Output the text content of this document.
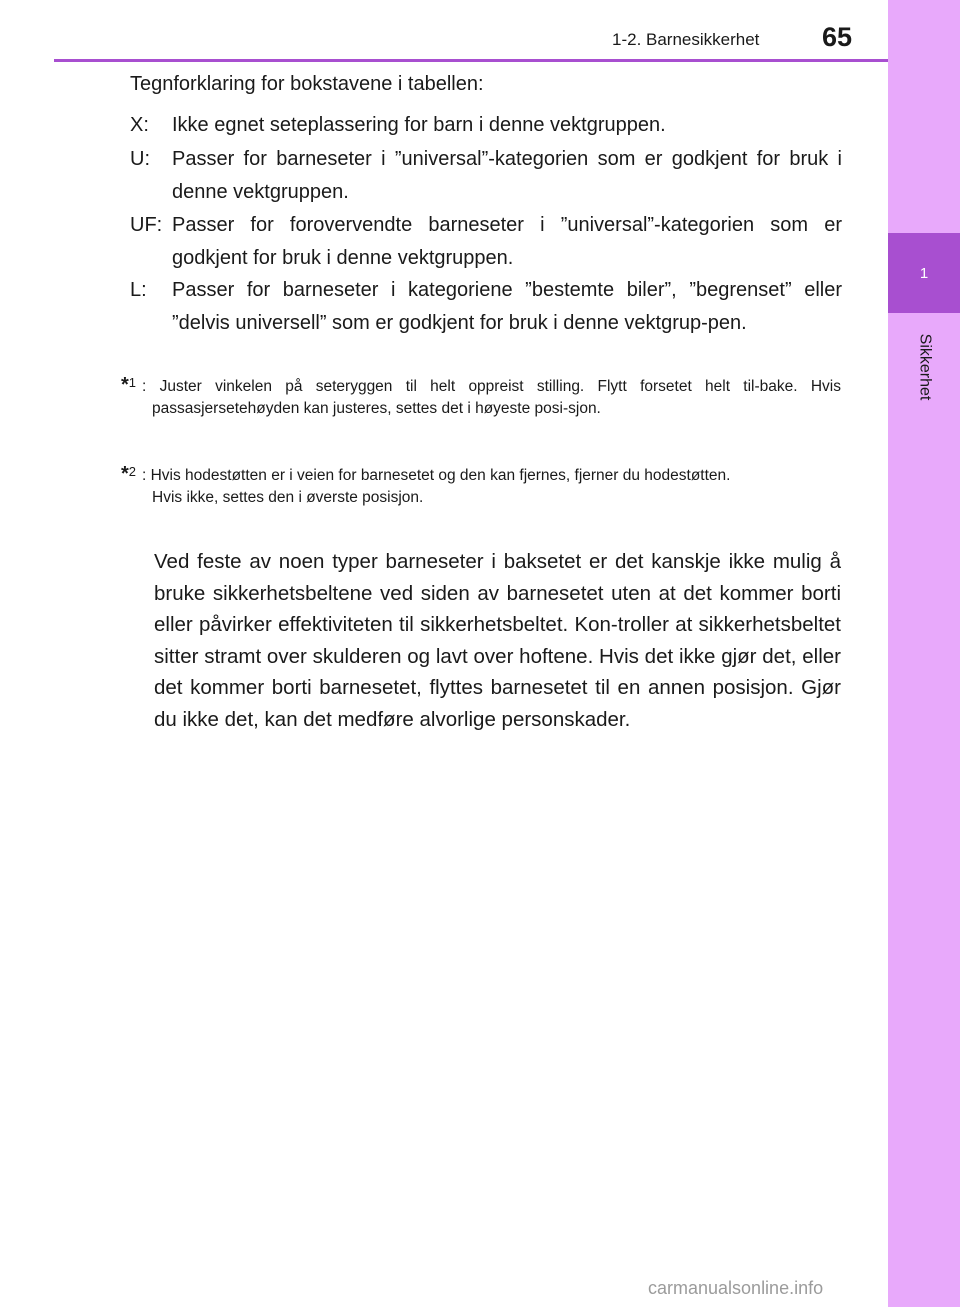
1
Sikkerhet
1-2. Barnesikkerhet 65
Tegnforklaring for bokstavene i tabellen:
X: Ikke egnet seteplassering for barn i denne vektgruppen.
U: Passer for barneseter i ”universal”-kategorien som er godkjent for bruk i denne vektgruppen.
UF: Passer for forovervendte barneseter i ”universal”-kategorien som er godkjent for bruk i denne vektgruppen.
L: Passer for barneseter i kategoriene ”bestemte biler”, ”begrenset” eller ”delvis universell” som er godkjent for bruk i denne vektgrup-pen.
*$^1$ : Juster vinkelen på seteryggen til helt oppreist stilling. Flytt forsetet helt til-bake. Hvis passasjersetehøyden kan justeres, settes det i høyeste posi-sjon.
*$^2$ : Hvis hodestøtten er i veien for barnesetet og den kan fjernes, fjerner du hodestøtten.
Hvis ikke, settes den i øverste posisjon.
Ved feste av noen typer barneseter i baksetet er det kanskje ikke mulig å bruke sikkerhetsbeltene ved siden av barnesetet uten at det kommer borti eller påvirker effektiviteten til sikkerhetsbeltet. Kon-troller at sikkerhetsbeltet sitter stramt over skulderen og lavt over hoftene. Hvis det ikke gjør det, eller det kommer borti barnesetet, flyttes barnesetet til en annen posisjon. Gjør du ikke det, kan det medføre alvorlige personskader.
carmanualsonline.info
